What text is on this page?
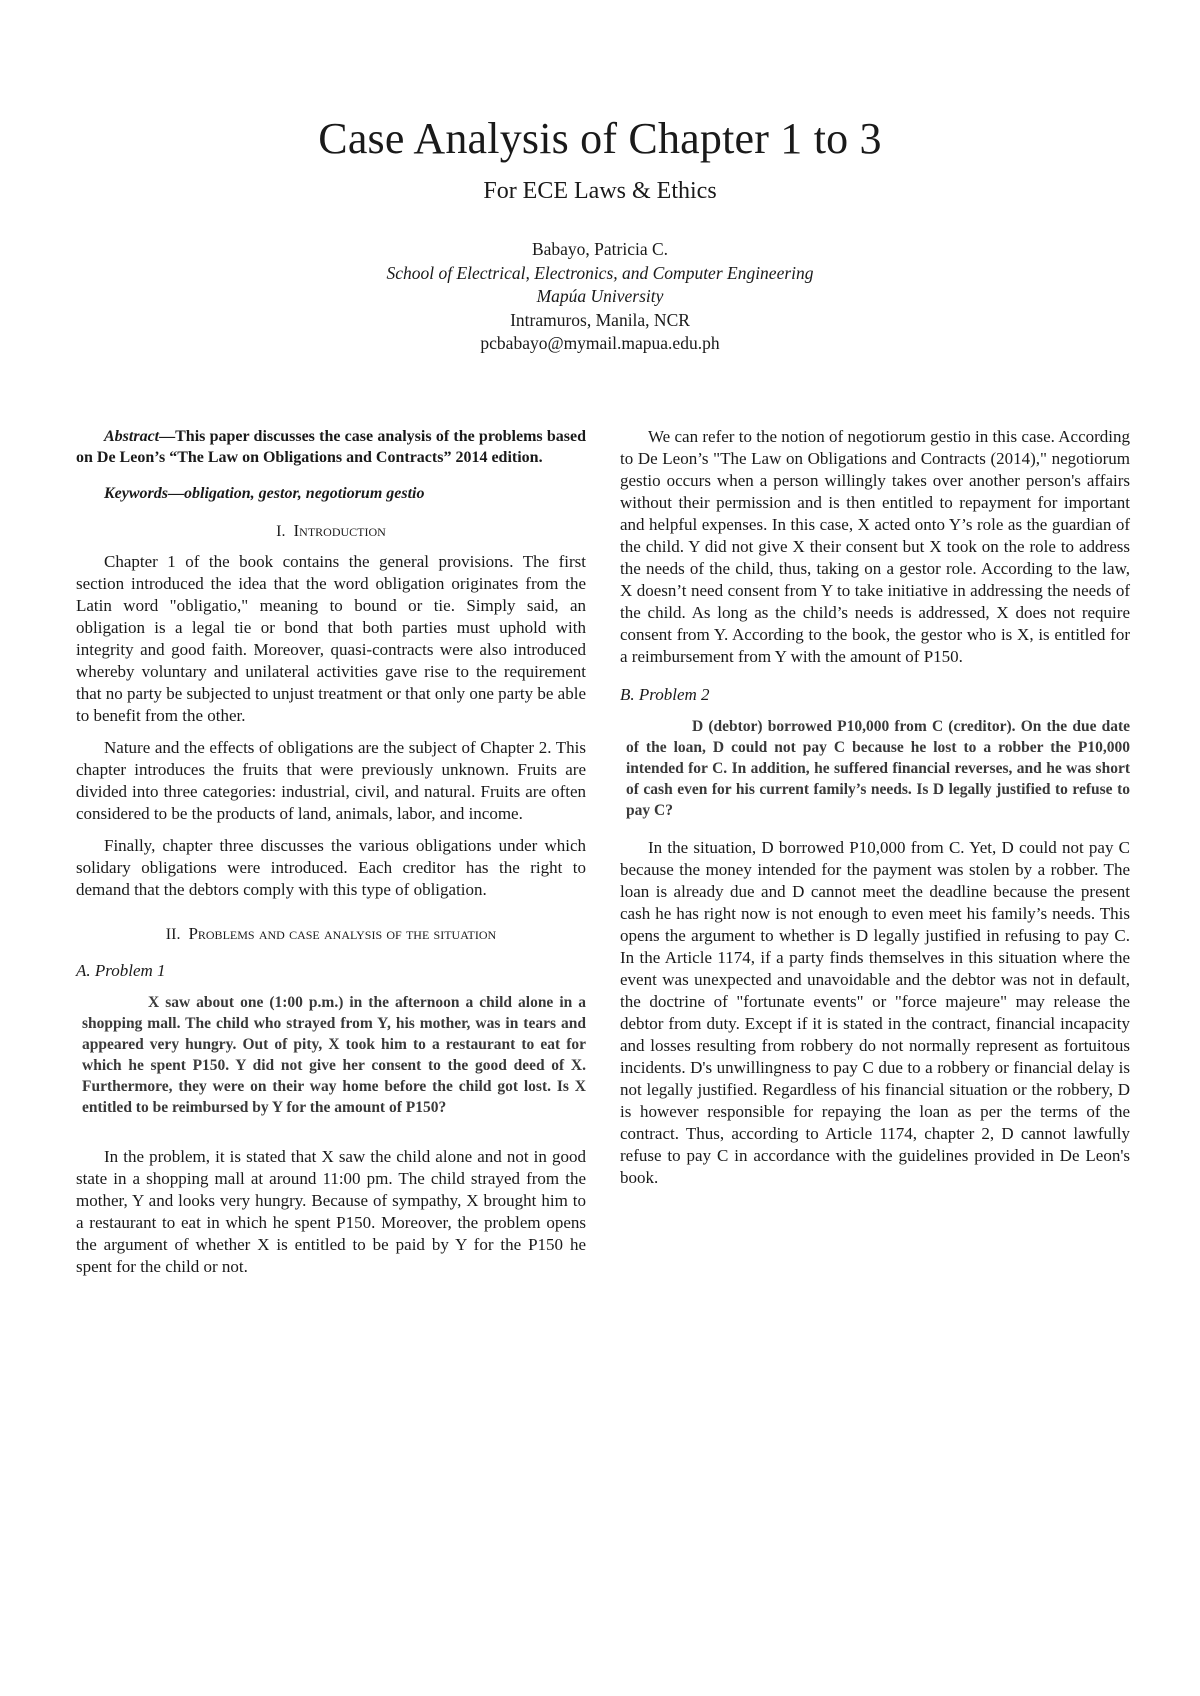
Case Analysis of Chapter 1 to 3
For ECE Laws & Ethics
Babayo, Patricia C.
School of Electrical, Electronics, and Computer Engineering
Mapúa University
Intramuros, Manila, NCR
pcbabayo@mymail.mapua.edu.ph

Abstract—This paper discusses the case analysis of the problems based on De Leon’s “The Law on Obligations and Contracts” 2014 edition.

Keywords—obligation, gestor, negotiorum gestio

I. Introduction

Chapter 1 of the book contains the general provisions. The first section introduced the idea that the word obligation originates from the Latin word "obligatio," meaning to bound or tie. Simply said, an obligation is a legal tie or bond that both parties must uphold with integrity and good faith. Moreover, quasi-contracts were also introduced whereby voluntary and unilateral activities gave rise to the requirement that no party be subjected to unjust treatment or that only one party be able to benefit from the other.

Nature and the effects of obligations are the subject of Chapter 2. This chapter introduces the fruits that were previously unknown. Fruits are divided into three categories: industrial, civil, and natural. Fruits are often considered to be the products of land, animals, labor, and income.

Finally, chapter three discusses the various obligations under which solidary obligations were introduced. Each creditor has the right to demand that the debtors comply with this type of obligation.

II. Problems and case analysis of the situation

A. Problem 1

X saw about one (1:00 p.m.) in the afternoon a child alone in a shopping mall. The child who strayed from Y, his mother, was in tears and appeared very hungry. Out of pity, X took him to a restaurant to eat for which he spent P150. Y did not give her consent to the good deed of X. Furthermore, they were on their way home before the child got lost. Is X entitled to be reimbursed by Y for the amount of P150?

In the problem, it is stated that X saw the child alone and not in good state in a shopping mall at around 11:00 pm. The child strayed from the mother, Y and looks very hungry. Because of sympathy, X brought him to a restaurant to eat in which he spent P150. Moreover, the problem opens the argument of whether X is entitled to be paid by Y for the P150 he spent for the child or not.

We can refer to the notion of negotiorum gestio in this case. According to De Leon’s "The Law on Obligations and Contracts (2014)," negotiorum gestio occurs when a person willingly takes over another person's affairs without their permission and is then entitled to repayment for important and helpful expenses. In this case, X acted onto Y’s role as the guardian of the child. Y did not give X their consent but X took on the role to address the needs of the child, thus, taking on a gestor role. According to the law, X doesn’t need consent from Y to take initiative in addressing the needs of the child. As long as the child’s needs is addressed, X does not require consent from Y. According to the book, the gestor who is X, is entitled for a reimbursement from Y with the amount of P150.

B. Problem 2

D (debtor) borrowed P10,000 from C (creditor). On the due date of the loan, D could not pay C because he lost to a robber the P10,000 intended for C. In addition, he suffered financial reverses, and he was short of cash even for his current family’s needs. Is D legally justified to refuse to pay C?

In the situation, D borrowed P10,000 from C. Yet, D could not pay C because the money intended for the payment was stolen by a robber. The loan is already due and D cannot meet the deadline because the present cash he has right now is not enough to even meet his family’s needs. This opens the argument to whether is D legally justified in refusing to pay C. In the Article 1174, if a party finds themselves in this situation where the event was unexpected and unavoidable and the debtor was not in default, the doctrine of "fortunate events" or "force majeure" may release the debtor from duty. Except if it is stated in the contract, financial incapacity and losses resulting from robbery do not normally represent as fortuitous incidents. D's unwillingness to pay C due to a robbery or financial delay is not legally justified. Regardless of his financial situation or the robbery, D is however responsible for repaying the loan as per the terms of the contract. Thus, according to Article 1174, chapter 2, D cannot lawfully refuse to pay C in accordance with the guidelines provided in De Leon's book.
